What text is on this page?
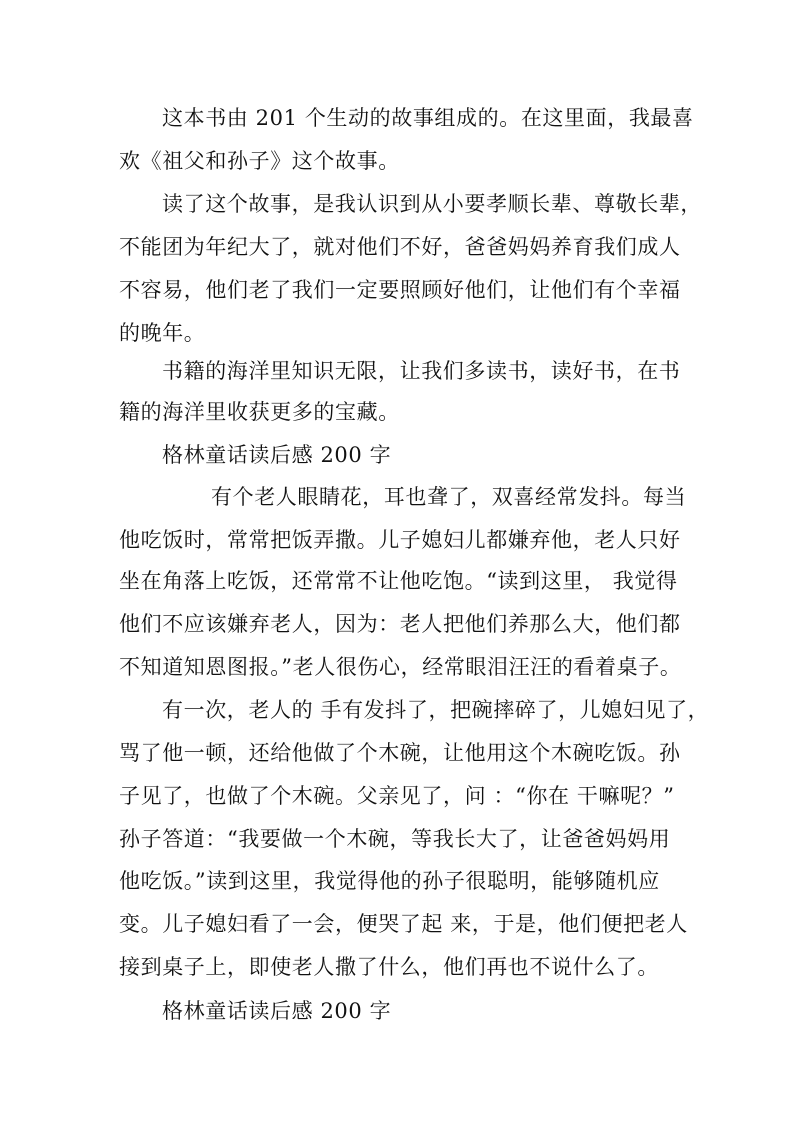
这本书由 201 个生动的故事组成的。在这里面，我最喜
欢《祖父和孙子》这个故事。
读了这个故事，是我认识到从小要孝顺长辈、尊敬长辈，
不能团为年纪大了，就对他们不好，爸爸妈妈养育我们成人
不容易，他们老了我们一定要照顾好他们，让他们有个幸福
的晚年。
书籍的海洋里知识无限，让我们多读书，读好书，在书
籍的海洋里收获更多的宝藏。
格林童话读后感 200 字
有个老人眼睛花，耳也聋了，双喜经常发抖。每当
他吃饭时，常常把饭弄撒。儿子媳妇儿都嫌弃他，老人只好
坐在角落上吃饭，还常常不让他吃饱。“读到这里， 我觉得
他们不应该嫌弃老人，因为：老人把他们养那么大，他们都
不知道知恩图报。”老人很伤心，经常眼泪汪汪的看着桌子。
有一次，老人的 手有发抖了，把碗摔碎了，儿媳妇见了，
骂了他一顿，还给他做了个木碗，让他用这个木碗吃饭。孙
子见了，也做了个木碗。父亲见了，问 ：“你在 干嘛呢？”
孙子答道：“我要做一个木碗，等我长大了，让爸爸妈妈用
他吃饭。”读到这里，我觉得他的孙子很聪明，能够随机应
变。儿子媳妇看了一会，便哭了起 来，于是，他们便把老人
接到桌子上，即使老人撒了什么，他们再也不说什么了。
格林童话读后感 200 字
